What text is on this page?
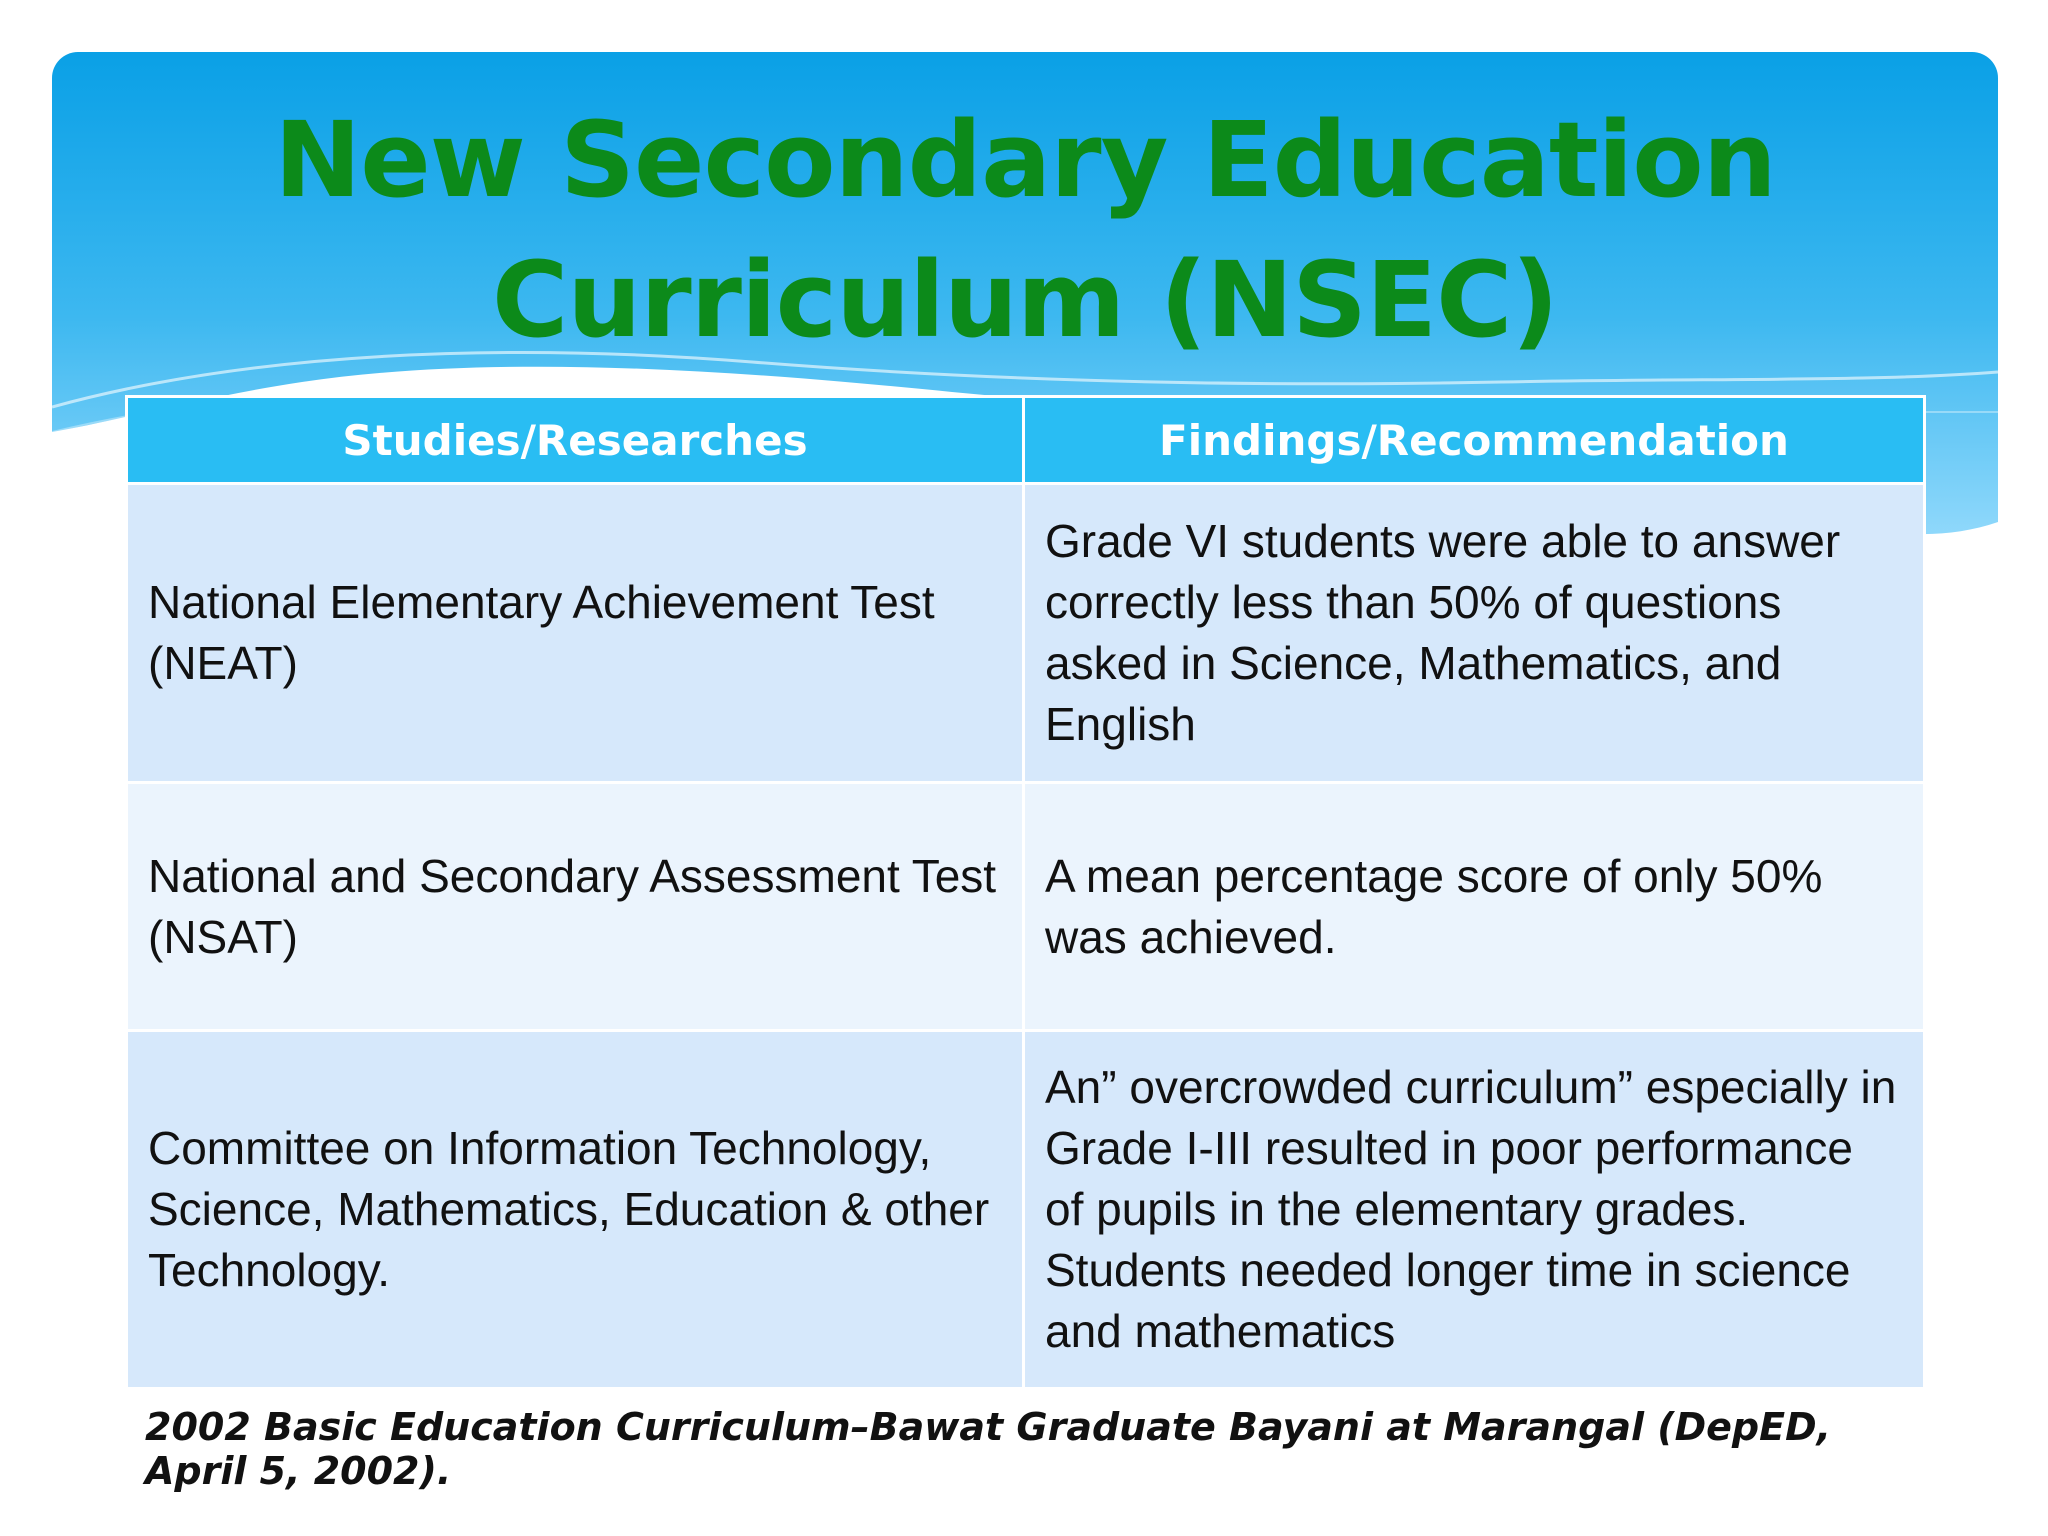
New Secondary Education
Curriculum (NSEC)
Studies/Researches	Findings/Recommendation
National Elementary Achievement Test (NEAT)	Grade VI students were able to answer correctly less than 50% of questions asked in Science, Mathematics, and English
National and Secondary Assessment Test (NSAT)	A mean percentage score of only 50% was achieved.
Committee on Information Technology, Science, Mathematics, Education & other Technology.	An” overcrowded curriculum” especially in Grade I-III resulted in poor performance of pupils in the elementary grades. Students needed longer time in science and mathematics

2002 Basic Education Curriculum–Bawat Graduate Bayani at Marangal (DepED, April 5, 2002).
